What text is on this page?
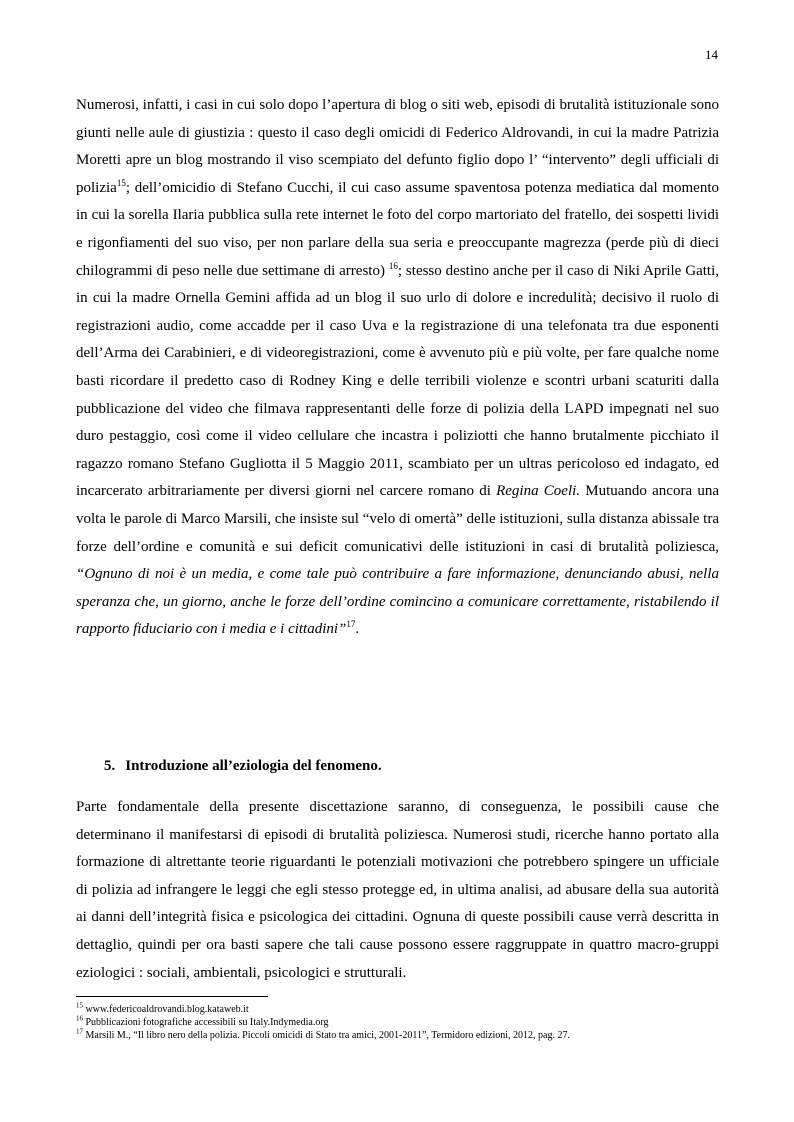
14

Numerosi, infatti, i casi in cui solo dopo l’apertura di blog o siti web, episodi di brutalità istituzionale sono giunti nelle aule di giustizia : questo il caso degli omicidi di Federico Aldrovandi, in cui la madre Patrizia Moretti apre un blog mostrando il viso scempiato del defunto figlio dopo l’ “intervento” degli ufficiali di polizia$^{15}$; dell’omicidio di Stefano Cucchi, il cui caso assume spaventosa potenza mediatica dal momento in cui la sorella Ilaria pubblica sulla rete internet le foto del corpo martoriato del fratello, dei sospetti lividi e rigonfiamenti del suo viso, per non parlare della sua seria e preoccupante magrezza (perde più di dieci chilogrammi di peso nelle due settimane di arresto) $^{16}$; stesso destino anche per il caso di Niki Aprile Gatti, in cui la madre Ornella Gemini affida ad un blog il suo urlo di dolore e incredulità; decisivo il ruolo di registrazioni audio, come accadde per il caso Uva e la registrazione di una telefonata tra due esponenti dell’Arma dei Carabinieri, e di videoregistrazioni, come è avvenuto più e più volte, per fare qualche nome basti ricordare il predetto caso di Rodney King e delle terribili violenze e scontri urbani scaturiti dalla pubblicazione del video che filmava rappresentanti delle forze di polizia della LAPD impegnati nel suo duro pestaggio, così come il video cellulare che incastra i poliziotti che hanno brutalmente picchiato il ragazzo romano Stefano Gugliotta il 5 Maggio 2011, scambiato per un ultras pericoloso ed indagato, ed incarcerato arbitrariamente per diversi giorni nel carcere romano di Regina Coeli. Mutuando ancora una volta le parole di Marco Marsili, che insiste sul “velo di omertà” delle istituzioni, sulla distanza abissale tra forze dell’ordine e comunità e sui deficit comunicativi delle istituzioni in casi di brutalità poliziesca, “Ognuno di noi è un media, e come tale può contribuire a fare informazione, denunciando abusi, nella speranza che, un giorno, anche le forze dell’ordine comincino a comunicare correttamente, ristabilendo il rapporto fiduciario con i media e i cittadini”$^{17}$.

5. Introduzione all’eziologia del fenomeno.

Parte fondamentale della presente discettazione saranno, di conseguenza, le possibili cause che determinano il manifestarsi di episodi di brutalità poliziesca. Numerosi studi, ricerche hanno portato alla formazione di altrettante teorie riguardanti le potenziali motivazioni che potrebbero spingere un ufficiale di polizia ad infrangere le leggi che egli stesso protegge ed, in ultima analisi, ad abusare della sua autorità ai danni dell’integrità fisica e psicologica dei cittadini. Ognuna di queste possibili cause verrà descritta in dettaglio, quindi per ora basti sapere che tali cause possono essere raggruppate in quattro macro-gruppi eziologici : sociali, ambientali, psicologici e strutturali.

$^{15}$ www.federicoaldrovandi.blog.kataweb.it
$^{16}$ Pubblicazioni fotografiche accessibili su Italy.Indymedia.org
$^{17}$ Marsili M., “Il libro nero della polizia. Piccoli omicidi di Stato tra amici, 2001-2011”, Termidoro edizioni, 2012, pag. 27.
